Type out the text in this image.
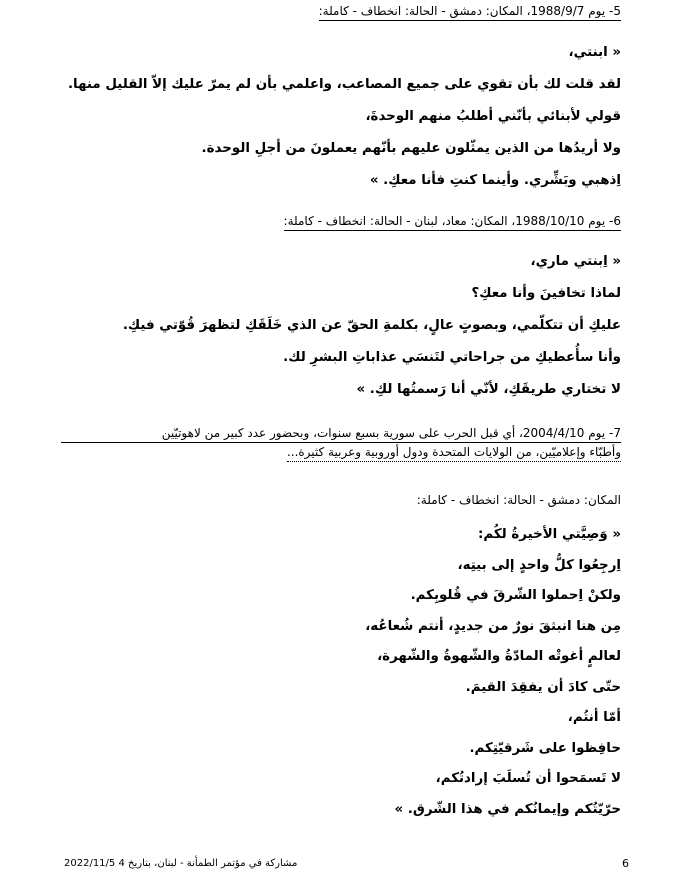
5- يوم 1988/9/7، المكان: دمشق - الحالة: انخطاف - كاملة:
« ابنتي،
لقد قلت لك بأن تقوي على جميع المصاعب، واعلمي بأن لم يمرّ عليك إلاّ القليل منها.
قولي لأبنائي بأنّني أطلبُ منهم الوحدةَ،
ولا أريدُها من الذين يمثّلون عليهم بأنّهم يعملونَ من أجلِ الوحدة.
اِذهبي وبَشِّري. وأينما كنتِ فأنا معكِ. »
6- يوم 1988/10/10، المكان: معاد، لبنان - الحالة: انخطاف - كاملة:
« اِبنتي ماري،
لماذا تخافينَ وأنا معكِ؟
عليكِ أن تتكلّمي، وبصوتٍ عالٍ، بكلمةِ الحقّ عن الذي خَلَقَكِ لتظهرَ قُوّتي فيكِ.
وأنا سأُعطيكِ من جراحاتي لتَنسَي عذاباتِ البشرِ لك.
لا تختاري طريقَكِ، لأنّي أنا رَسمتُها لكِ. »
7- يوم 2004/4/10، أي قبل الحرب على سورية بسبع سنوات، وبحضور عدد كبير من لاهوتيّين
وأطبّاء وإعلاميّين، من الولايات المتحدة ودول أوروبية وعربية كثيرة...
المكان: دمشق - الحالة: انخطاف - كاملة:
« وَصِيَّتي الأخيرةُ لكُم:
اِرجِعُوا كلُّ واحدٍ إلى بيتِه،
ولكنْ اِحملوا الشّرقَ في قُلوبِكم.
مِن هنا انبثقَ نورٌ من جديدٍ، أنتم شُعاعُه،
لعالمٍ أغوتْه المادّةُ والشّهوةُ والشّهرة،
حتّى كادَ أن يفقِدَ القيمَ.
أمّا أنتُم،
حافِظوا على شَرقيّتِكم.
لا تَسمَحوا أن تُسلَبَ إرادتُكم،
حرّيّتُكم وإيمانُكم في هذا الشّرق. »
مشاركة في مؤتمر الطمأنة - لبنان، بتاريخ 4 2022/11/5	6
